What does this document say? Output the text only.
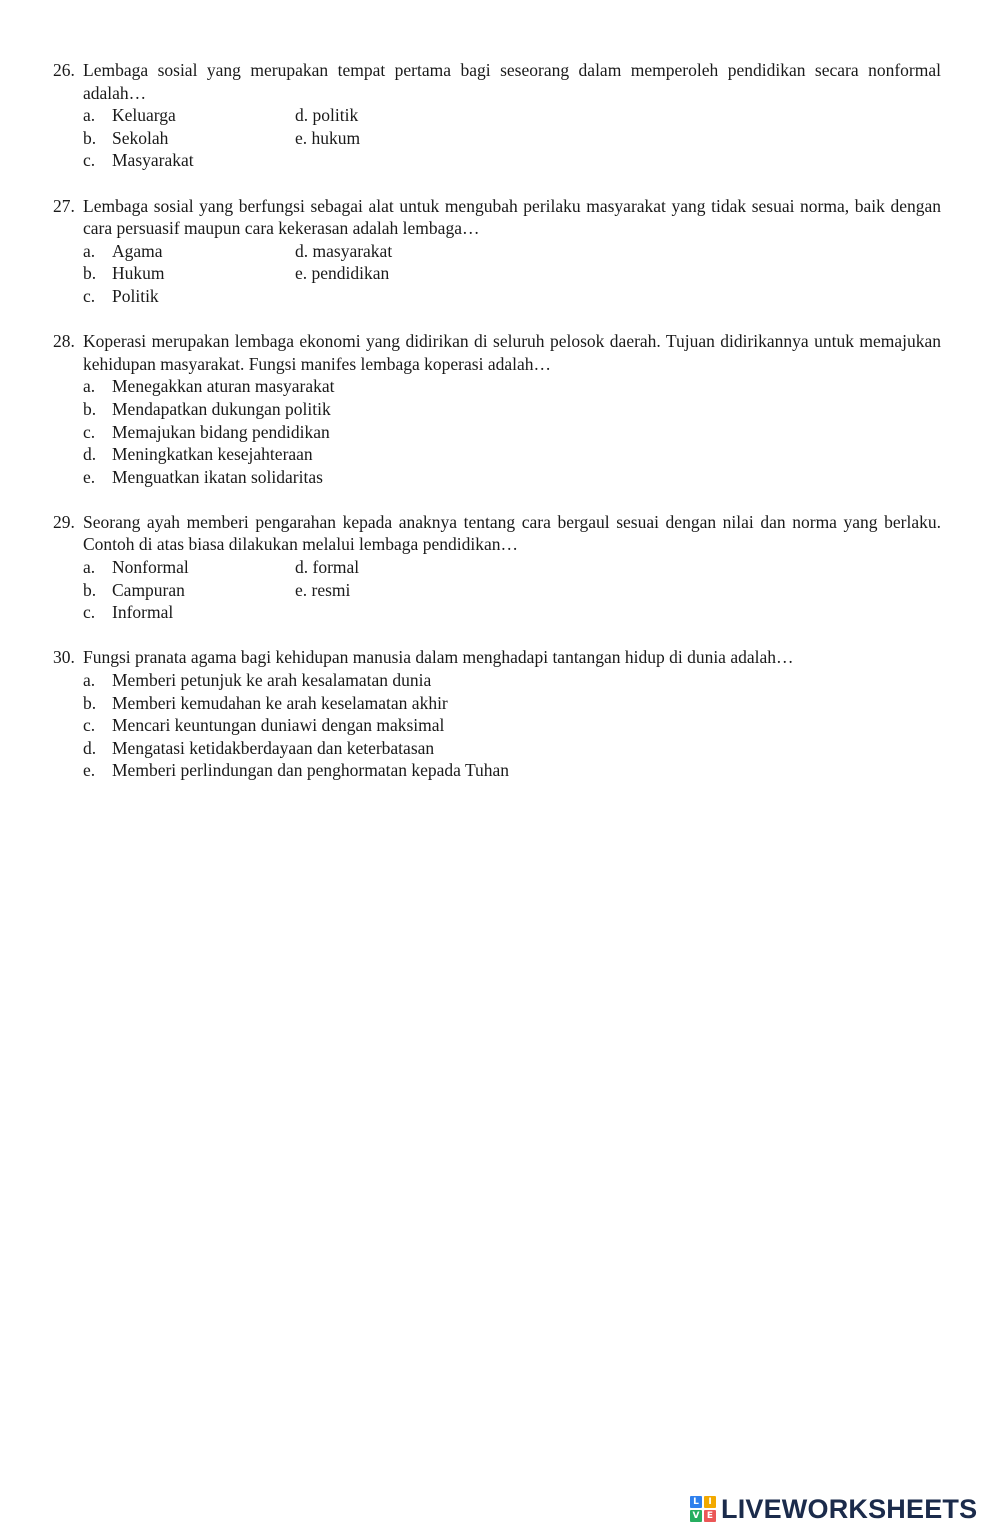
26. Lembaga sosial yang merupakan tempat pertama bagi seseorang dalam memperoleh pendidikan secara nonformal adalah…
a. Keluarga	d. politik
b. Sekolah	e. hukum
c. Masyarakat
27. Lembaga sosial yang berfungsi sebagai alat untuk mengubah perilaku masyarakat yang tidak sesuai norma, baik dengan cara persuasif maupun cara kekerasan adalah lembaga…
a. Agama	d. masyarakat
b. Hukum	e. pendidikan
c. Politik
28. Koperasi merupakan lembaga ekonomi yang didirikan di seluruh pelosok daerah. Tujuan didirikannya untuk memajukan kehidupan masyarakat. Fungsi manifes lembaga koperasi adalah…
a. Menegakkan aturan masyarakat
b. Mendapatkan dukungan politik
c. Memajukan bidang pendidikan
d. Meningkatkan kesejahteraan
e. Menguatkan ikatan solidaritas
29. Seorang ayah memberi pengarahan kepada anaknya tentang cara bergaul sesuai dengan nilai dan norma yang berlaku. Contoh di atas biasa dilakukan melalui lembaga pendidikan…
a. Nonformal	d. formal
b. Campuran	e. resmi
c. Informal
30. Fungsi pranata agama bagi kehidupan manusia dalam menghadapi tantangan hidup di dunia adalah…
a. Memberi petunjuk ke arah kesalamatan dunia
b. Memberi kemudahan ke arah keselamatan akhir
c. Mencari keuntungan duniawi dengan maksimal
d. Mengatasi ketidakberdayaan dan keterbatasan
e. Memberi perlindungan dan penghormatan kepada Tuhan
L	I
V E LIVEWORKSHEETS
